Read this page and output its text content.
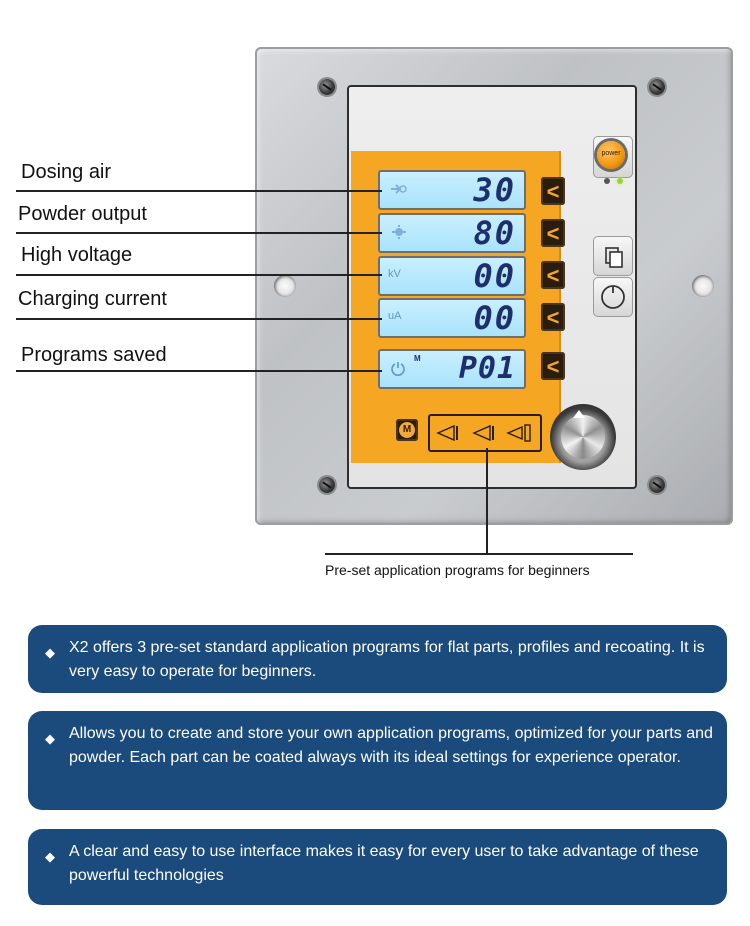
30
80
kV 00
uA 00
M P01
<
<
<
<
<
power
M
Dosing air
Powder output
High voltage
Charging current
Programs saved
Pre-set application programs for beginners
◆ X2 offers 3 pre-set standard application programs for flat parts, profiles and recoating. It is very easy to operate for beginners.
◆ Allows you to create and store your own application programs, optimized for your parts and powder. Each part can be coated always with its ideal settings for experience operator.
◆ A clear and easy to use interface makes it easy for every user to take advantage of these powerful technologies
